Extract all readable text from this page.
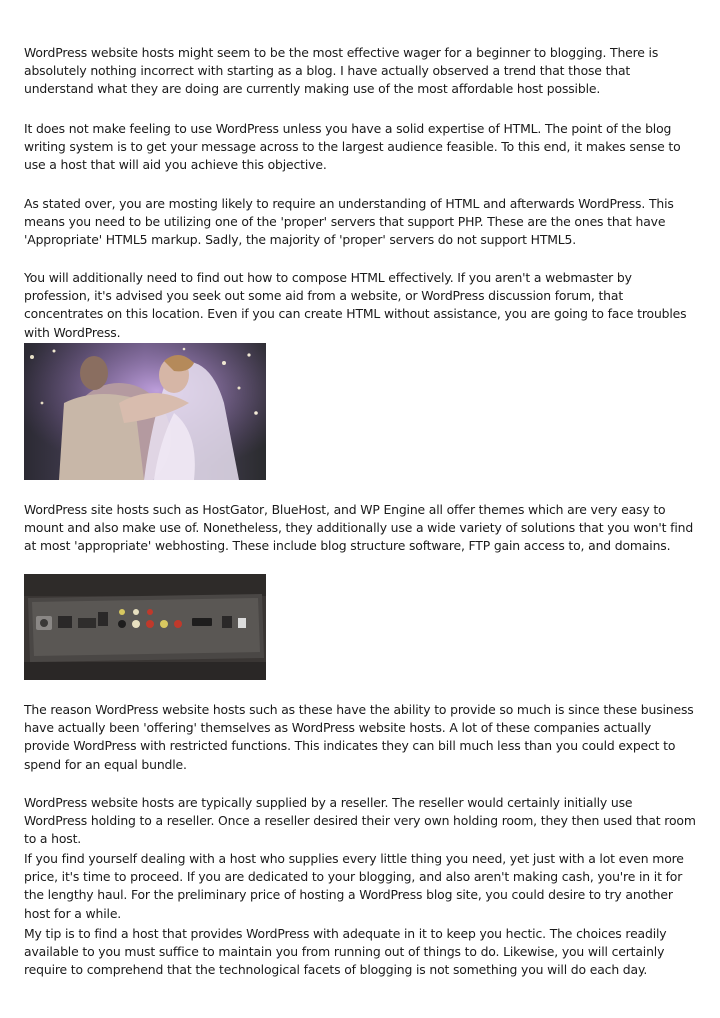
WordPress website hosts might seem to be the most effective wager for a beginner to blogging. There is absolutely nothing incorrect with starting as a blog. I have actually observed a trend that those that understand what they are doing are currently making use of the most affordable host possible.

It does not make feeling to use WordPress unless you have a solid expertise of HTML. The point of the blog writing system is to get your message across to the largest audience feasible. To this end, it makes sense to use a host that will aid you achieve this objective.

As stated over, you are mosting likely to require an understanding of HTML and afterwards WordPress. This means you need to be utilizing one of the 'proper' servers that support PHP. These are the ones that have 'Appropriate' HTML5 markup. Sadly, the majority of 'proper' servers do not support HTML5.

You will additionally need to find out how to compose HTML effectively. If you aren't a webmaster by profession, it's advised you seek out some aid from a website, or WordPress discussion forum, that concentrates on this location. Even if you can create HTML without assistance, you are going to face troubles with WordPress.

WordPress site hosts such as HostGator, BlueHost, and WP Engine all offer themes which are very easy to mount and also make use of. Nonetheless, they additionally use a wide variety of solutions that you won't find at most 'appropriate' webhosting. These include blog structure software, FTP gain access to, and domains.

The reason WordPress website hosts such as these have the ability to provide so much is since these business have actually been 'offering' themselves as WordPress website hosts. A lot of these companies actually provide WordPress with restricted functions. This indicates they can bill much less than you could expect to spend for an equal bundle.

WordPress website hosts are typically supplied by a reseller. The reseller would certainly initially use WordPress holding to a reseller. Once a reseller desired their very own holding room, they then used that room to a host.

If you find yourself dealing with a host who supplies every little thing you need, yet just with a lot even more price, it's time to proceed. If you are dedicated to your blogging, and also aren't making cash, you're in it for the lengthy haul. For the preliminary price of hosting a WordPress blog site, you could desire to try another host for a while.

My tip is to find a host that provides WordPress with adequate in it to keep you hectic. The choices readily available to you must suffice to maintain you from running out of things to do. Likewise, you will certainly require to comprehend that the technological facets of blogging is not something you will do each day.
